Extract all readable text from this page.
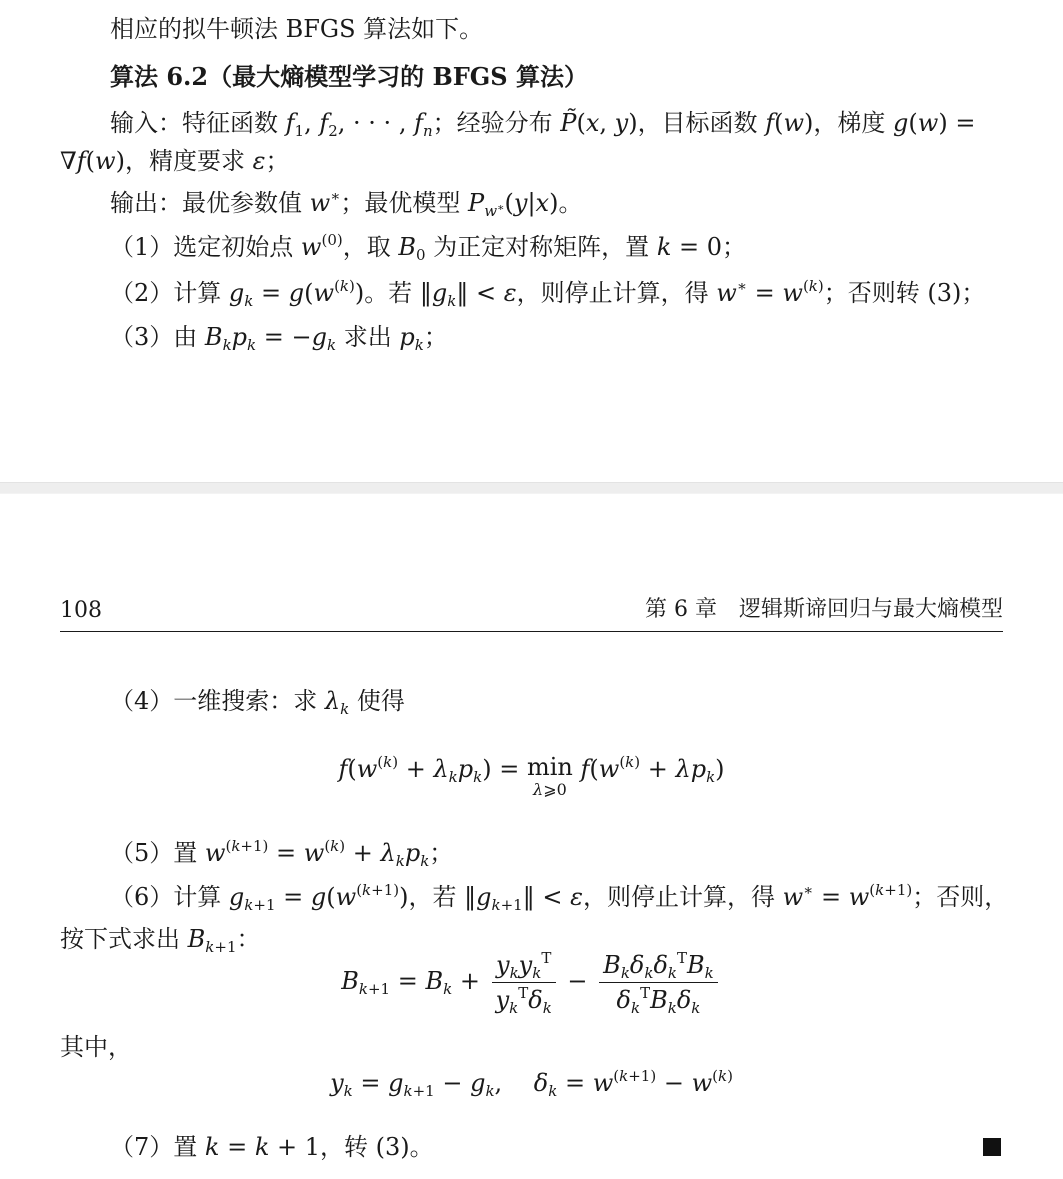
相应的拟牛顿法 BFGS 算法如下。
算法 6.2（最大熵模型学习的 BFGS 算法）
输入：特征函数 $f_1$, $f_2$, · · · , $f_n$；经验分布 P̃(x, y)，目标函数 f(w)，梯度 g(w) =
∇f(w)，精度要求 ε；
输出：最优参数值 w∗；最优模型 $P_{w^∗}(y|x)$。
（1）选定初始点 $w^{(0)}$，取 $B_0$ 为正定对称矩阵，置 k = 0；
（2）计算 $g_k = g(w^{(k)})$。若 $‖g_k‖ < \varepsilon$，则停止计算，得 $w^∗ = w^{(k)}$；否则转 (3)；
（3）由 $B_kp_k = -g_k$ 求出 $p_k$；
108	第 6 章　逻辑斯谛回归与最大熵模型
（4）一维搜索：求 $\lambda_k$ 使得
$f(w^{(k)} + \lambda_kp_k) = \min$
λ⩾0
$f(w^{(k)} + \lambda p_k)$
（5）置 $w^{(k+1)} = w^{(k)} + \lambda_kp_k$；
（6）计算 $g_{k+1} = g(w^{(k+1)})$，若 $‖g_{k+1}‖ < \varepsilon$，则停止计算，得 $w^∗ = w^{(k+1)}$；否则，
按下式求出 $B_{k+1}$：
$B_{k+1} = B_k + \frac{y_ky_k^T}{y_k^T\delta_k} - \frac{B_k\delta_k\delta_k^TB_k}{\delta_k^TB_k\delta_k}$
其中，
$y_k = g_{k+1} - g_k$,　 $\delta_k = w^{(k+1)} - w^{(k)}$
（7）置 k = k + 1，转 (3)。
